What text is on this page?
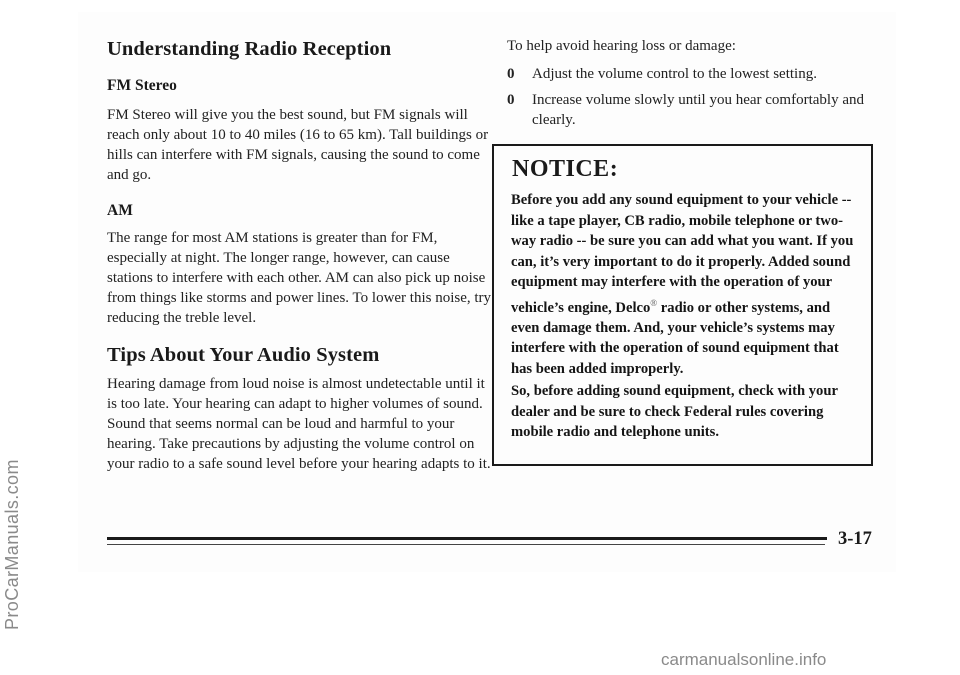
Understanding Radio Reception
FM Stereo

FM Stereo will give you the best sound, but FM signals will reach only about 10 to 40 miles (16 to 65 km). Tall buildings or hills can interfere with FM signals, causing the sound to come and go.

AM

The range for most AM stations is greater than for FM, especially at night. The longer range, however, can cause stations to interfere with each other. AM can also pick up noise from things like storms and power lines. To lower this noise, try reducing the treble level.

Tips About Your Audio System

Hearing damage from loud noise is almost undetectable until it is too late. Your hearing can adapt to higher volumes of sound. Sound that seems normal can be loud and harmful to your hearing. Take precautions by adjusting the volume control on your radio to a safe sound level before your hearing adapts to it.

To help avoid hearing loss or damage:

0 Adjust the volume control to the lowest setting.
0 Increase volume slowly until you hear comfortably and clearly.
NOTICE:

Before you add any sound equipment to your vehicle -- like a tape player, CB radio, mobile telephone or two-way radio -- be sure you can add what you want. If you can, it’s very important to do it properly. Added sound equipment may interfere with the operation of your vehicle’s engine, Delco® radio or other systems, and even damage them. And, your vehicle’s systems may interfere with the operation of sound equipment that has been added improperly.

So, before adding sound equipment, check with your dealer and be sure to check Federal rules covering mobile radio and telephone units.

3-17
ProCarManuals.com
carmanualsonline.info
